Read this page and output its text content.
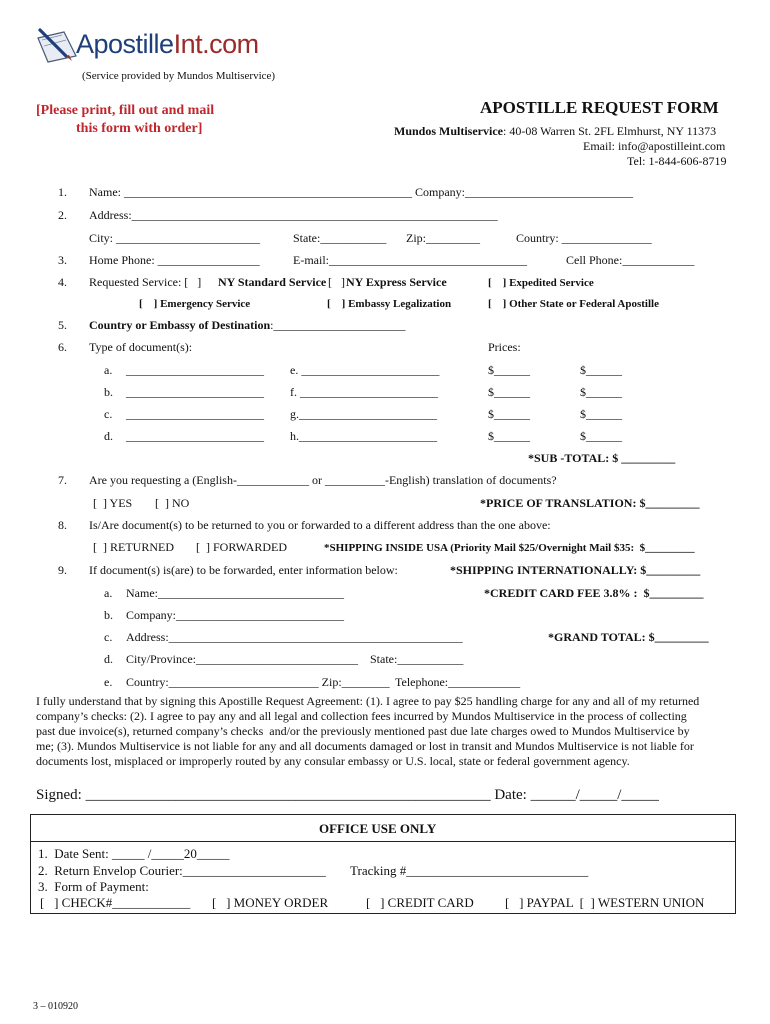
ApostilleInt.com
(Service provided by Mundos Multiservice)
[Please print, fill out and mail
this form with order]
APOSTILLE REQUEST FORM
Mundos Multiservice: 40-08 Warren St. 2FL Elmhurst, NY 11373
Email: info@apostilleint.com
Tel: 1-844-606-8719
1. Name: ________________________________________________ Company:____________________________
2. Address:_____________________________________________________________
City: ________________________	State:___________ Zip:_________	Country: _______________
3. Home Phone: _________________	E-mail:_________________________________	Cell Phone:____________
4. Requested Service: [   ] NY Standard Service [   ] NY Express Service	[    ] Expedited Service
[    ] Emergency Service	[    ] Embassy Legalization	[    ] Other State or Federal Apostille
5. Country or Embassy of Destination:______________________
6. Type of document(s):	Prices:
a. _______________________ e. _______________________	$______	$______
b. _______________________ f. _______________________	$______	$______
c. _______________________ g._______________________	$______	$______
d. _______________________ h._______________________	$______	$______
*SUB -TOTAL: $ _________
7. Are you requesting a (English-____________ or __________-English) translation of documents?
[  ] YES [  ] NO	*PRICE OF TRANSLATION: $_________
8. Is/Are document(s) to be returned to you or forwarded to a different address than the one above:
[  ] RETURNED [  ] FORWARDED	*SHIPPING INSIDE USA (Priority Mail $25/Overnight Mail $35:  $_________
9. If document(s) is(are) to be forwarded, enter information below:	*SHIPPING INTERNATIONALLY: $_________
a. Name:_______________________________	*CREDIT CARD FEE 3.8% :  $_________
b. Company:____________________________
c. Address:_________________________________________________	*GRAND TOTAL: $_________
d. City/Province:___________________________ State:___________
e. Country:_________________________ Zip:________ Telephone:____________
I fully understand that by signing this Apostille Request Agreement: (1). I agree to pay $25 handling charge for any and all of my returned
company’s checks: (2). I agree to pay any and all legal and collection fees incurred by Mundos Multiservice in the process of collecting
past due invoice(s), returned company’s checks  and/or the previously mentioned past due late charges owed to Mundos Multiservice by
me; (3). Mundos Multiservice is not liable for any and all documents damaged or lost in transit and Mundos Multiservice is not liable for
documents lost, misplaced or improperly routed by any consular embassy or U.S. local, state or federal government agency.
Signed: ______________________________________________________ Date: ______/_____/_____
OFFICE USE ONLY
1.  Date Sent: _____ /_____20_____
2.  Return Envelop Courier:______________________ Tracking #____________________________
3.  Form of Payment:
[   ] CHECK#____________ [   ] MONEY ORDER	[   ] CREDIT CARD [   ] PAYPAL  [  ] WESTERN UNION
3 – 010920
